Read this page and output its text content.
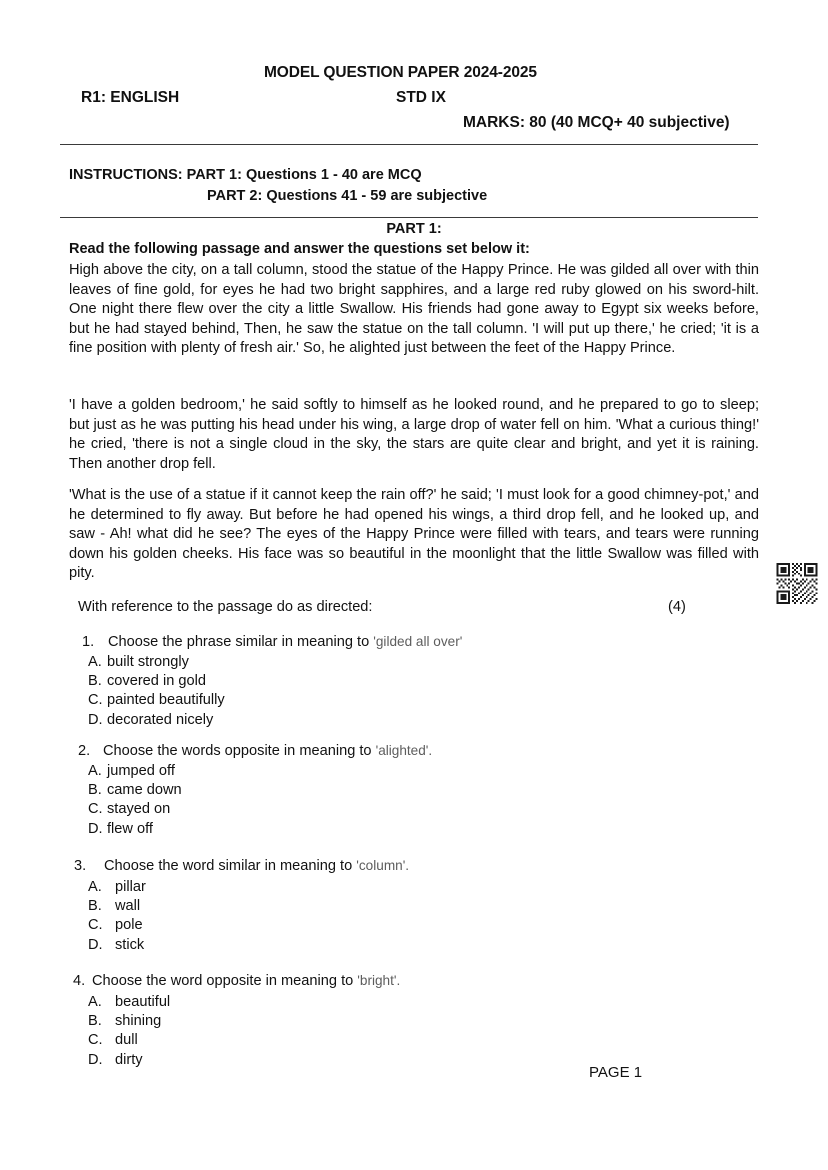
MODEL QUESTION PAPER 2024-2025
R1: ENGLISH	STD IX
MARKS: 80 (40 MCQ+ 40 subjective)
INSTRUCTIONS: PART 1: Questions 1 - 40 are MCQ
PART 2: Questions 41 - 59 are subjective
PART 1:
Read the following passage and answer the questions set below it:

High above the city, on a tall column, stood the statue of the Happy Prince. He was gilded all over with thin leaves of fine gold, for eyes he had two bright sapphires, and a large red ruby glowed on his sword-hilt. One night there flew over the city a little Swallow. His friends had gone away to Egypt six weeks before, but he had stayed behind, Then, he saw the statue on the tall column. 'I will put up there,' he cried; 'it is a fine position with plenty of fresh air.' So, he alighted just between the feet of the Happy Prince.

'I have a golden bedroom,' he said softly to himself as he looked round, and he prepared to go to sleep; but just as he was putting his head under his wing, a large drop of water fell on him. 'What a curious thing!' he cried, 'there is not a single cloud in the sky, the stars are quite clear and bright, and yet it is raining. Then another drop fell.

'What is the use of a statue if it cannot keep the rain off?' he said; 'I must look for a good chimney-pot,' and he determined to fly away. But before he had opened his wings, a third drop fell, and he looked up, and saw - Ah! what did he see? The eyes of the Happy Prince were filled with tears, and tears were running down his golden cheeks. His face was so beautiful in the moonlight that the little Swallow was filled with pity.

With reference to the passage do as directed:	(4)
1. Choose the phrase similar in meaning to 'gilded all over'
A. built strongly
B. covered in gold
C. painted beautifully
D. decorated nicely
2. Choose the words opposite in meaning to 'alighted'.
A. jumped off
B. came down
C. stayed on
D. flew off
3. Choose the word similar in meaning to 'column'.
A. pillar
B. wall
C. pole
D. stick
4. Choose the word opposite in meaning to 'bright'.
A. beautiful
B. shining
C. dull
D. dirty
PAGE 1
